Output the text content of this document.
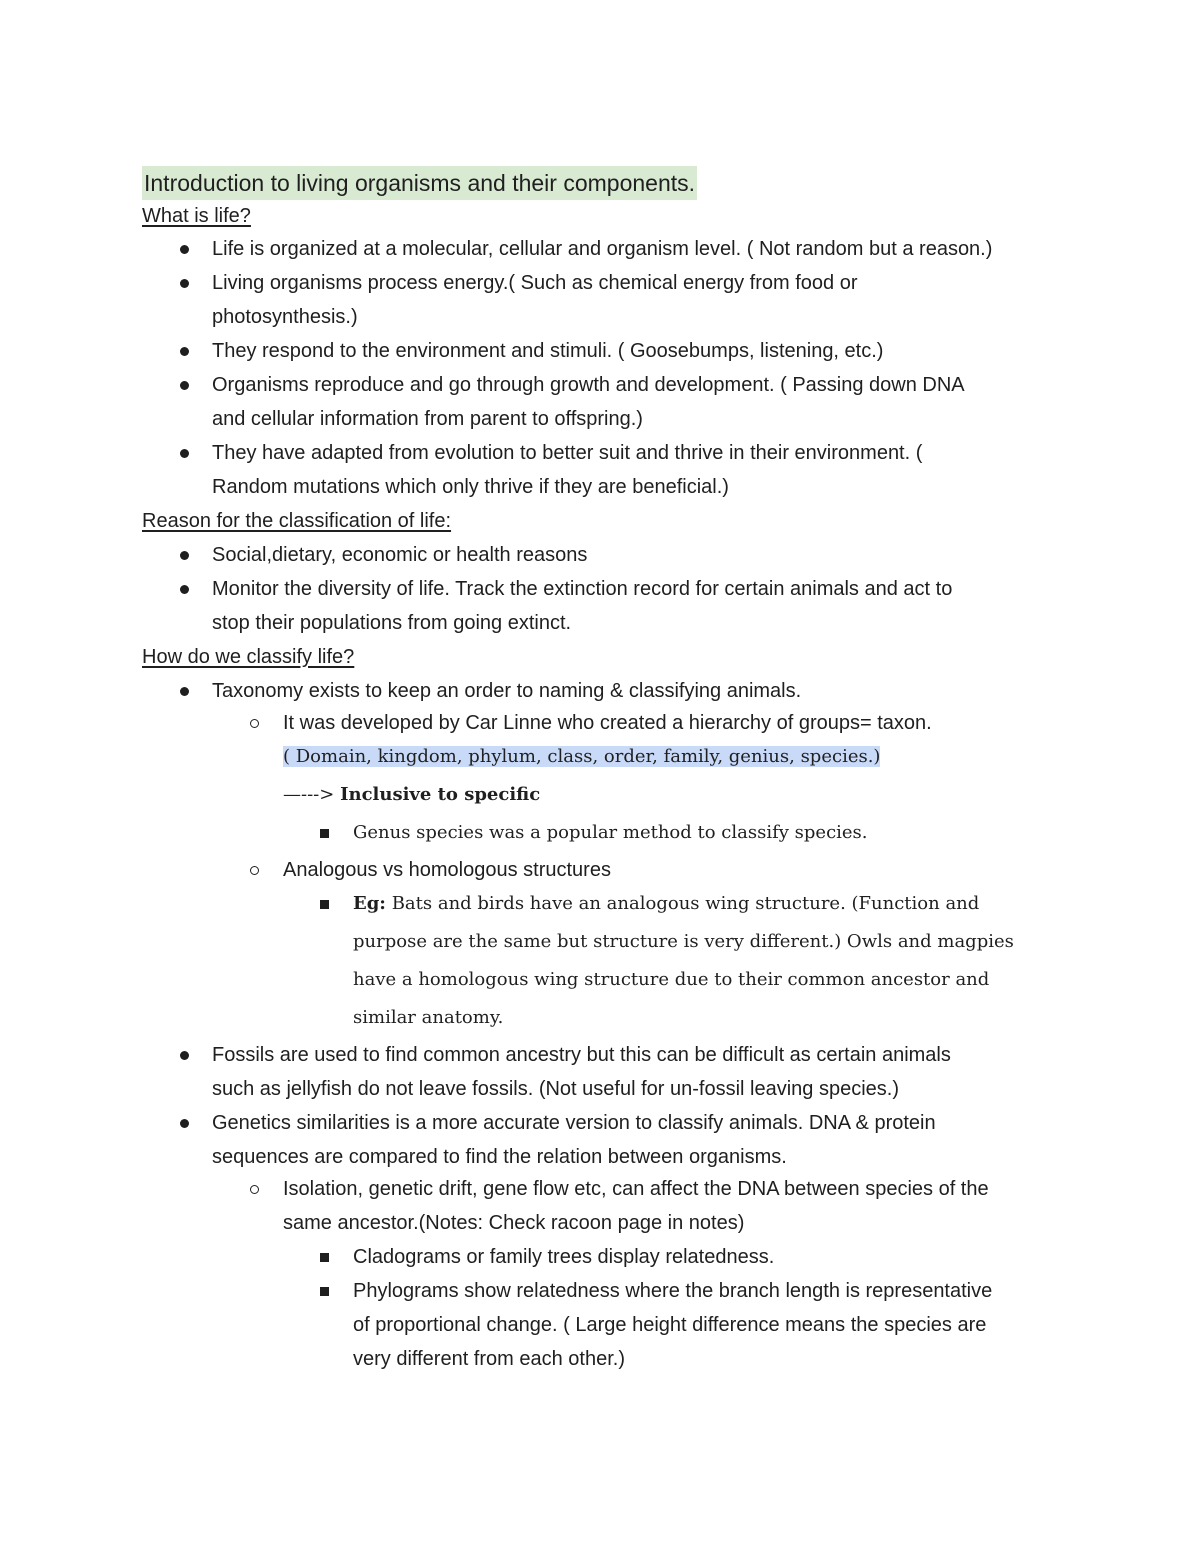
Introduction to living organisms and their components.
What is life?
Life is organized at a molecular, cellular and organism level. ( Not random but a reason.)
Living organisms process energy.( Such as chemical energy from food or
photosynthesis.)
They respond to the environment and stimuli. ( Goosebumps, listening, etc.)
Organisms reproduce and go through growth and development. ( Passing down DNA
and cellular information from parent to offspring.)
They have adapted from evolution to better suit and thrive in their environment. (
Random mutations which only thrive if they are beneficial.)
Reason for the classification of life:
Social,dietary, economic or health reasons
Monitor the diversity of life. Track the extinction record for certain animals and act to
stop their populations from going extinct.
How do we classify life?
Taxonomy exists to keep an order to naming & classifying animals.
It was developed by Car Linne who created a hierarchy of groups= taxon.
( Domain, kingdom, phylum, class, order, family, genius, species.)
—---> Inclusive to specific
Genus species was a popular method to classify species.
Analogous vs homologous structures
Eg: Bats and birds have an analogous wing structure. (Function and
purpose are the same but structure is very different.) Owls and magpies
have a homologous wing structure due to their common ancestor and
similar anatomy.
Fossils are used to find common ancestry but this can be difficult as certain animals
such as jellyfish do not leave fossils. (Not useful for un-fossil leaving species.)
Genetics similarities is a more accurate version to classify animals. DNA & protein
sequences are compared to find the relation between organisms.
Isolation, genetic drift, gene flow etc, can affect the DNA between species of the
same ancestor.(Notes: Check racoon page in notes)
Cladograms or family trees display relatedness.
Phylograms show relatedness where the branch length is representative
of proportional change. ( Large height difference means the species are
very different from each other.)
